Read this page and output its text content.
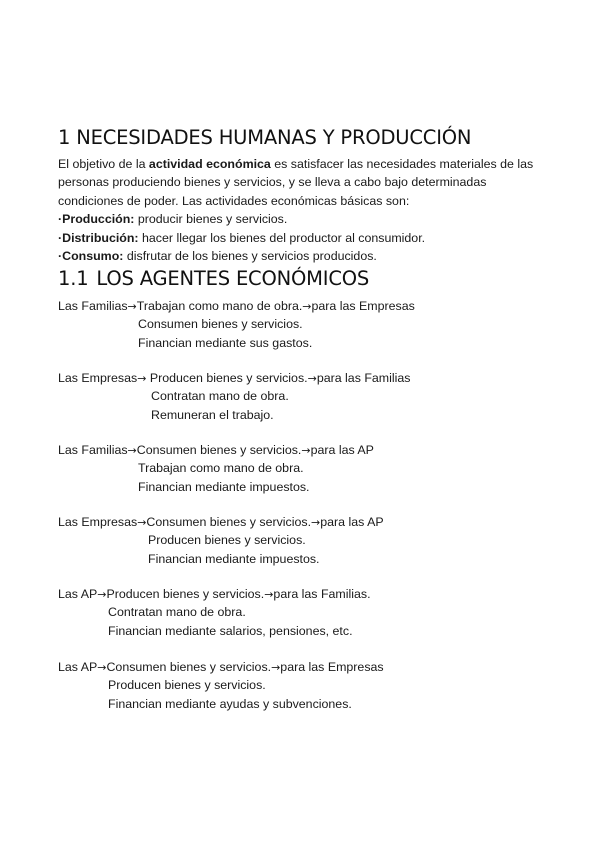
1 NECESIDADES HUMANAS Y PRODUCCIÓN

El objetivo de la actividad económica es satisfacer las necesidades materiales de las

personas produciendo bienes y servicios, y se lleva a cabo bajo determinadas

condiciones de poder. Las actividades económicas básicas son:

·Producción: producir bienes y servicios.

·Distribución: hacer llegar los bienes del productor al consumidor.

·Consumo: disfrutar de los bienes y servicios producidos.

1.1 LOS AGENTES ECONÓMICOS
Las Familias→Trabajan como mano de obra.→para las Empresas
Consumen bienes y servicios.
Financian mediante sus gastos.
Las Empresas→ Producen bienes y servicios.→para las Familias
Contratan mano de obra.
Remuneran el trabajo.
Las Familias→Consumen bienes y servicios.→para las AP
Trabajan como mano de obra.
Financian mediante impuestos.
Las Empresas→Consumen bienes y servicios.→para las AP
Producen bienes y servicios.
Financian mediante impuestos.
Las AP→Producen bienes y servicios.→para las Familias.
Contratan mano de obra.
Financian mediante salarios, pensiones, etc.
Las AP→Consumen bienes y servicios.→para las Empresas
Producen bienes y servicios.
Financian mediante ayudas y subvenciones.
